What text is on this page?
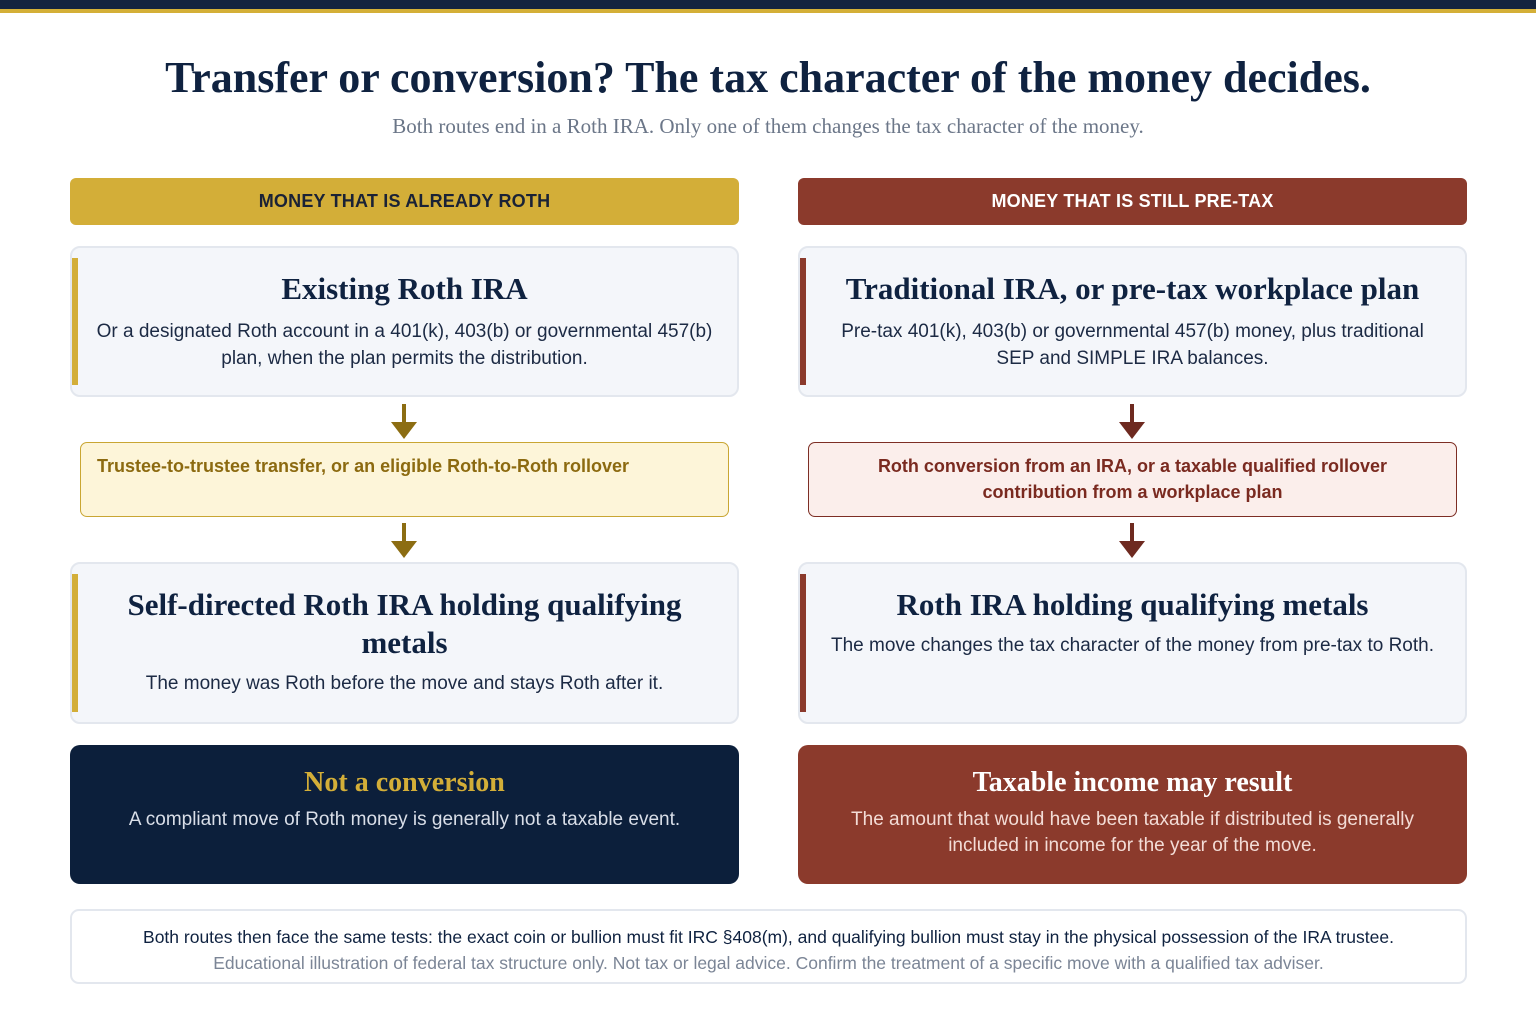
Transfer or conversion? The tax character of the money decides.
Both routes end in a Roth IRA. Only one of them changes the tax character of the money.
MONEY THAT IS ALREADY ROTH	MONEY THAT IS STILL PRE-TAX
Existing Roth IRA

Or a designated Roth account in a 401(k), 403(b) or governmental 457(b) plan, when the plan permits the distribution.

Traditional IRA, or pre-tax workplace plan

Pre-tax 401(k), 403(b) or governmental 457(b) money, plus traditional SEP and SIMPLE IRA balances.

Trustee-to-trustee transfer, or an eligible Roth-to-Roth rollover	Roth conversion from an IRA, or a taxable qualified rollover contribution from a workplace plan
Self-directed Roth IRA holding qualifying metals

The money was Roth before the move and stays Roth after it.

Roth IRA holding qualifying metals

The move changes the tax character of the money from pre-tax to Roth.

Not a conversion

A compliant move of Roth money is generally not a taxable event.

Taxable income may result

The amount that would have been taxable if distributed is generally included in income for the year of the move.

Both routes then face the same tests: the exact coin or bullion must fit IRC §408(m), and qualifying bullion must stay in the physical possession of the IRA trustee.
Educational illustration of federal tax structure only. Not tax or legal advice. Confirm the treatment of a specific move with a qualified tax adviser.
